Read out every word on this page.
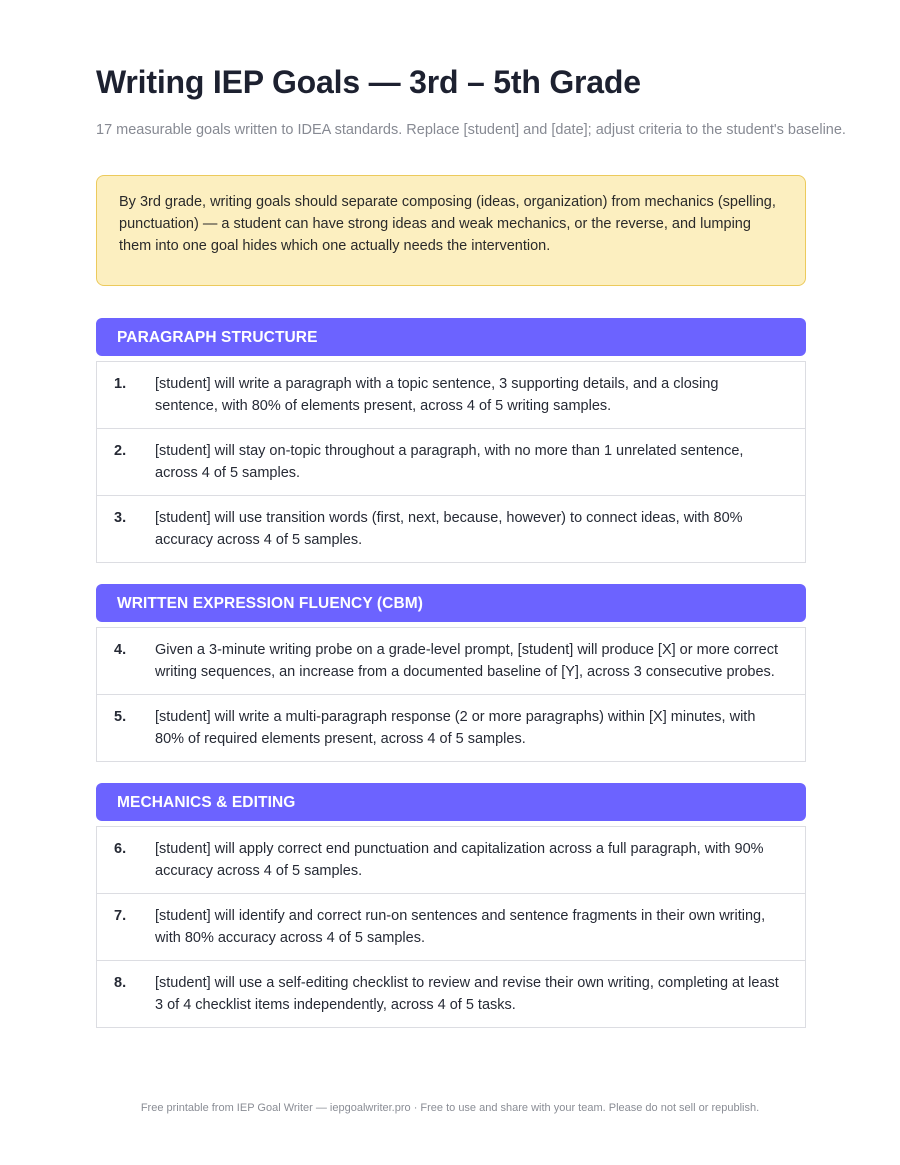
Writing IEP Goals — 3rd – 5th Grade

17 measurable goals written to IDEA standards. Replace [student] and [date]; adjust criteria to the student's baseline.

By 3rd grade, writing goals should separate composing (ideas, organization) from mechanics (spelling, punctuation) — a student can have strong ideas and weak mechanics, or the reverse, and lumping them into one goal hides which one actually needs the intervention.

PARAGRAPH STRUCTURE
1.	[student] will write a paragraph with a topic sentence, 3 supporting details, and a closing sentence, with 80% of elements present, across 4 of 5 writing samples.
2.	[student] will stay on-topic throughout a paragraph, with no more than 1 unrelated sentence, across 4 of 5 samples.
3.	[student] will use transition words (first, next, because, however) to connect ideas, with 80% accuracy across 4 of 5 samples.
WRITTEN EXPRESSION FLUENCY (CBM)
4.	Given a 3-minute writing probe on a grade-level prompt, [student] will produce [X] or more correct writing sequences, an increase from a documented baseline of [Y], across 3 consecutive probes.
5.	[student] will write a multi-paragraph response (2 or more paragraphs) within [X] minutes, with 80% of required elements present, across 4 of 5 samples.
MECHANICS & EDITING
6.	[student] will apply correct end punctuation and capitalization across a full paragraph, with 90% accuracy across 4 of 5 samples.
7.	[student] will identify and correct run-on sentences and sentence fragments in their own writing, with 80% accuracy across 4 of 5 samples.
8.	[student] will use a self-editing checklist to review and revise their own writing, completing at least 3 of 4 checklist items independently, across 4 of 5 tasks.
Free printable from IEP Goal Writer — iepgoalwriter.pro · Free to use and share with your team. Please do not sell or republish.
